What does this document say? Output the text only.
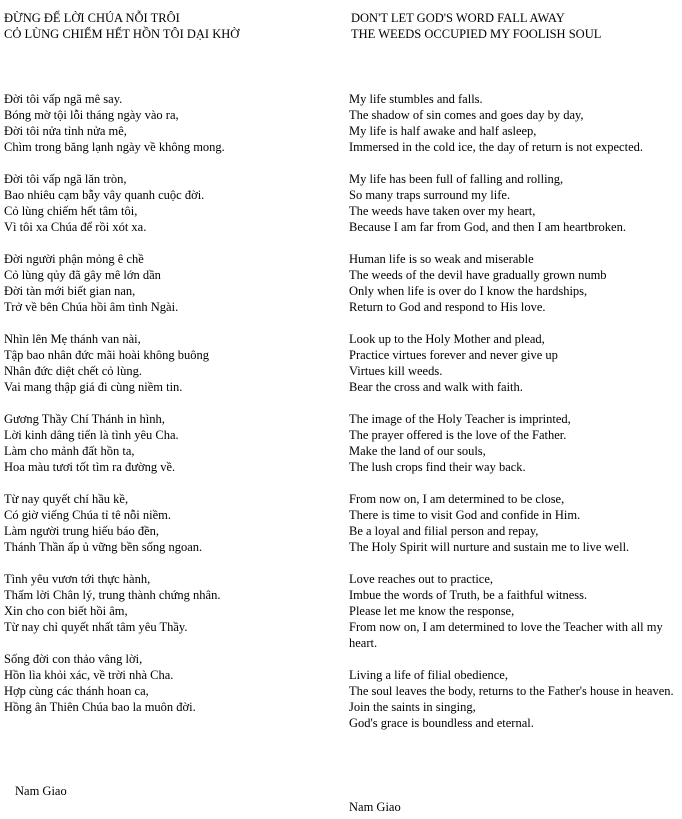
ĐỪNG ĐỂ LỜI CHÚA NỖI TRÔI
CỎ LÙNG CHIẾM HẾT HỒN TÔI DẠI KHỜ
Đời tôi vấp ngã mê say.
Bóng mờ tội lỗi tháng ngày vào ra,
Đời tôi nửa tỉnh nửa mê,
Chìm trong băng lạnh ngày về không mong.
Đời tôi vấp ngã lăn tròn,
Bao nhiêu cạm bẫy vây quanh cuộc đời.
Cỏ lùng chiếm hết tâm tôi,
Vì tôi xa Chúa để rồi xót xa.
Đời người phận mỏng ê chề
Cỏ lùng qủy đã gây mê lớn dần
Đời tàn mới biết gian nan,
Trở về bên Chúa hồi âm tình Ngài.
Nhìn lên Mẹ thánh van nài,
Tập bao nhân đức mãi hoài không buông
Nhân đức diệt chết cỏ lùng.
Vai mang thập giá đi cùng niềm tin.
Gương Thầy Chí Thánh in hình,
Lời kinh dâng tiến là tình yêu Cha.
Làm cho mảnh đất hồn ta,
Hoa màu tươi tốt tìm ra đường về.
Từ nay quyết chí hầu kề,
Có giờ viếng Chúa tỉ tê nỗi niềm.
Làm người trung hiếu báo đền,
Thánh Thần ấp ủ vững bền sống ngoan.
Tình yêu vươn tới thực hành,
Thấm lời Chân lý, trung thành chứng nhân.
Xin cho con biết hồi âm,
Từ nay chỉ quyết nhất tâm yêu Thầy.
Sống đời con thảo vâng lời,
Hồn lìa khỏi xác, về trời nhà Cha.
Hợp cùng các thánh hoan ca,
Hồng ân Thiên Chúa bao la muôn đời.
Nam Giao
DON'T LET GOD'S WORD FALL AWAY
THE WEEDS OCCUPIED MY FOOLISH SOUL
My life stumbles and falls.
The shadow of sin comes and goes day by day,
My life is half awake and half asleep,
Immersed in the cold ice, the day of return is not expected.
My life has been full of falling and rolling,
So many traps surround my life.
The weeds have taken over my heart,
Because I am far from God, and then I am heartbroken.
Human life is so weak and miserable
The weeds of the devil have gradually grown numb
Only when life is over do I know the hardships,
Return to God and respond to His love.
Look up to the Holy Mother and plead,
Practice virtues forever and never give up
Virtues kill weeds.
Bear the cross and walk with faith.
The image of the Holy Teacher is imprinted,
The prayer offered is the love of the Father.
Make the land of our souls,
The lush crops find their way back.
From now on, I am determined to be close,
There is time to visit God and confide in Him.
Be a loyal and filial person and repay,
The Holy Spirit will nurture and sustain me to live well.
Love reaches out to practice,
Imbue the words of Truth, be a faithful witness.
Please let me know the response,
From now on, I am determined to love the Teacher with all my heart.
Living a life of filial obedience,
The soul leaves the body, returns to the Father's house in heaven.
Join the saints in singing,
God's grace is boundless and eternal.
Nam Giao
